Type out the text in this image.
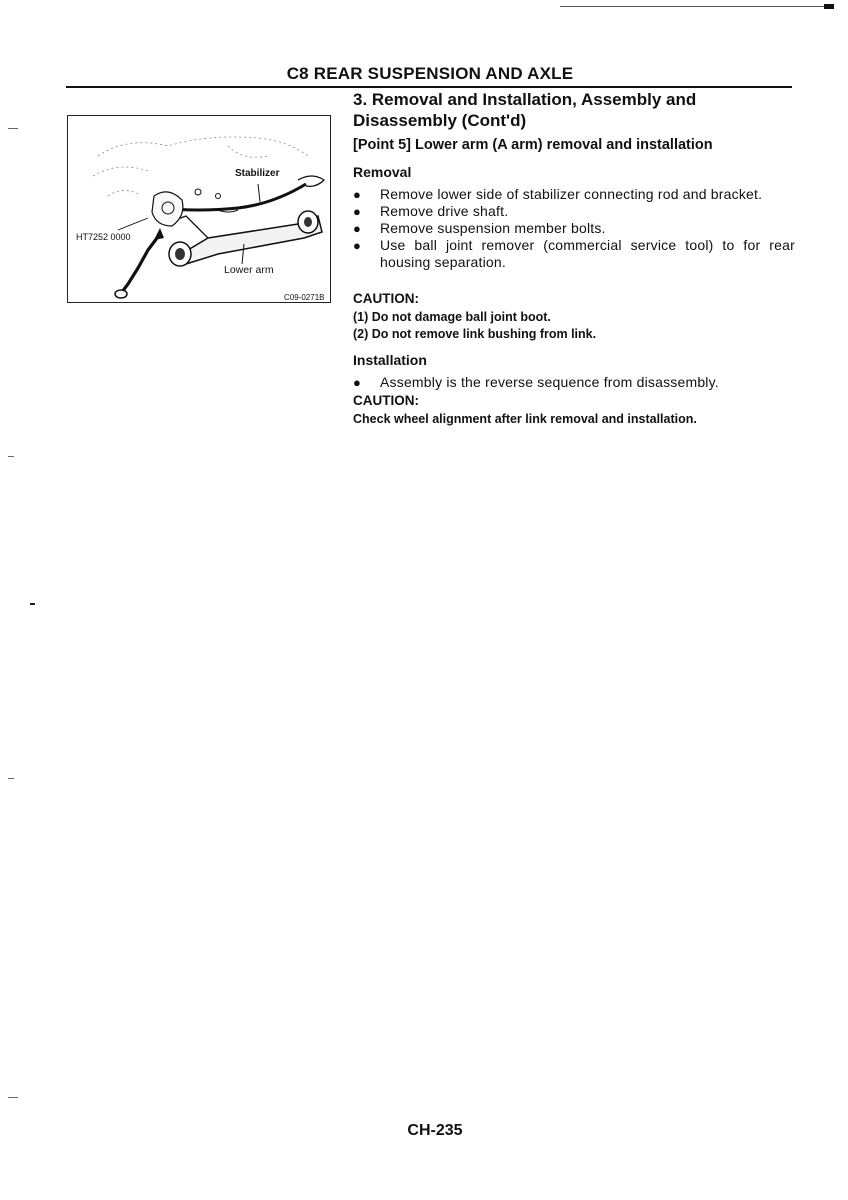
C8 REAR SUSPENSION AND AXLE
Stabilizer
Lower arm
HT7252 0000
C09-0271B
3. Removal and Installation, Assembly and
Disassembly (Cont'd)
[Point 5] Lower arm (A arm) removal and installation
Removal
●	Remove lower side of stabilizer connecting rod and bracket.
●	Remove drive shaft.
●	Remove suspension member bolts.
●	Use ball joint remover (commercial service tool) to for rear housing separation.
CAUTION:
(1) Do not damage ball joint boot.
(2) Do not remove link bushing from link.
Installation
●	Assembly is the reverse sequence from disassembly.
CAUTION:
Check wheel alignment after link removal and installation.
CH-235
